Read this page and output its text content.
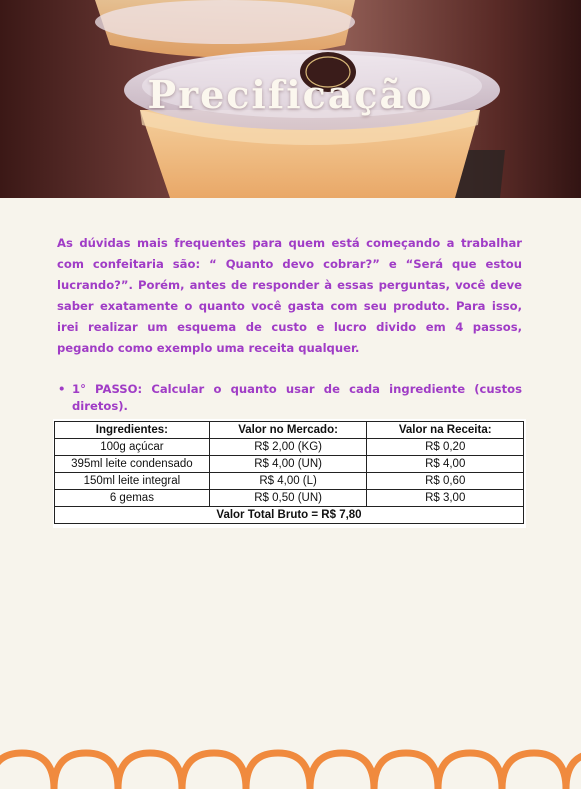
Precificação

As dúvidas mais frequentes para quem está começando a trabalhar com confeitaria são: “ Quanto devo cobrar?” e “Será que estou lucrando?”. Porém, antes de responder à essas perguntas, você deve saber exatamente o quanto você gasta com seu produto. Para isso, irei realizar um esquema de custo e lucro divido em 4 passos, pegando como exemplo uma receita qualquer.

• 1° PASSO: Calcular o quanto usar de cada ingrediente (custos diretos).
Ingredientes:	Valor no Mercado:	Valor na Receita:
100g açúcar	R$ 2,00 (KG)	R$ 0,20
395ml leite condensado	R$ 4,00 (UN)	R$ 4,00
150ml leite integral	R$ 4,00 (L)	R$ 0,60
6 gemas	R$ 0,50 (UN)	R$ 3,00
Valor Total Bruto = R$ 7,80		
